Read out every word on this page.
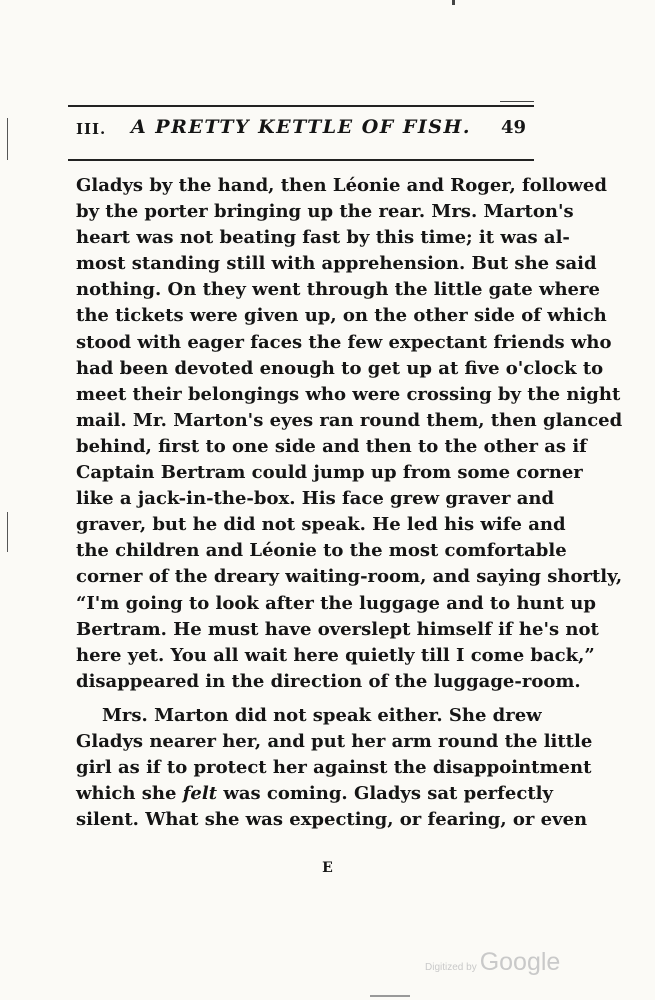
III.	A PRETTY KETTLE OF FISH.	49
Gladys by the hand, then Léonie and Roger, followed
by the porter bringing up the rear. Mrs. Marton's
heart was not beating fast by this time; it was al-
most standing still with apprehension. But she said
nothing. On they went through the little gate where
the tickets were given up, on the other side of which
stood with eager faces the few expectant friends who
had been devoted enough to get up at five o'clock to
meet their belongings who were crossing by the night
mail. Mr. Marton's eyes ran round them, then glanced
behind, first to one side and then to the other as if
Captain Bertram could jump up from some corner
like a jack-in-the-box. His face grew graver and
graver, but he did not speak. He led his wife and
the children and Léonie to the most comfortable
corner of the dreary waiting-room, and saying shortly,
“I'm going to look after the luggage and to hunt up
Bertram. He must have overslept himself if he's not
here yet. You all wait here quietly till I come back,”
disappeared in the direction of the luggage-room.
Mrs. Marton did not speak either. She drew
Gladys nearer her, and put her arm round the little
girl as if to protect her against the disappointment
which she felt was coming. Gladys sat perfectly
silent. What she was expecting, or fearing, or even
E
Digitized by Google
